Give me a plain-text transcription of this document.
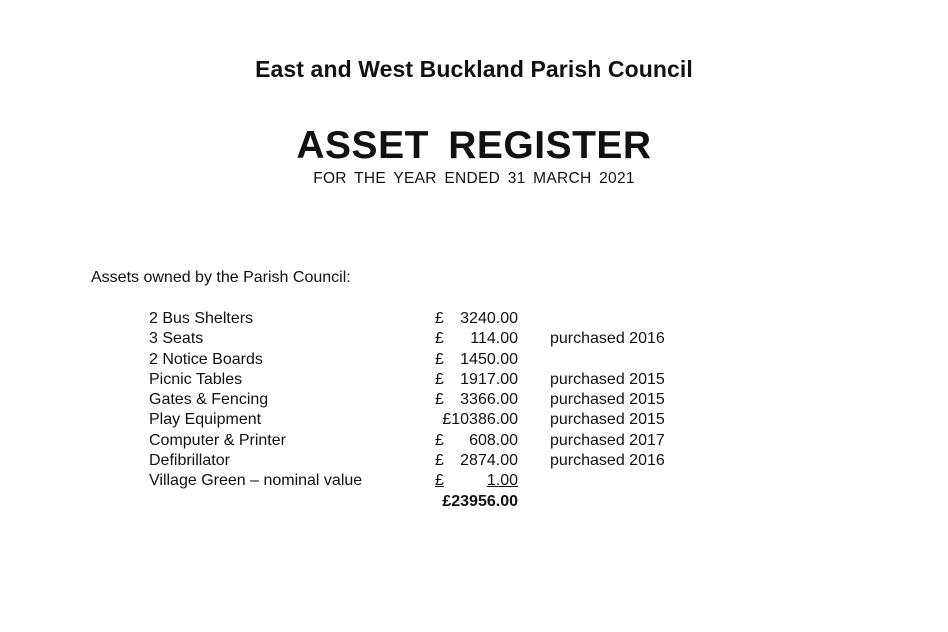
East and West Buckland Parish Council
ASSET REGISTER
FOR THE YEAR ENDED 31 MARCH 2021
Assets owned by the Parish Council:
2 Bus Shelters	£	3240.00
3 Seats	£	114.00 purchased 2016
2 Notice Boards	£	1450.00
Picnic Tables	£	1917.00 purchased 2015
Gates & Fencing	£	3366.00 purchased 2015
Play Equipment	£10386.00 purchased 2015
Computer & Printer	£	608.00 purchased 2017
Defibrillator	£	2874.00 purchased 2016
Village Green – nominal value	£	1.00
£23956.00
